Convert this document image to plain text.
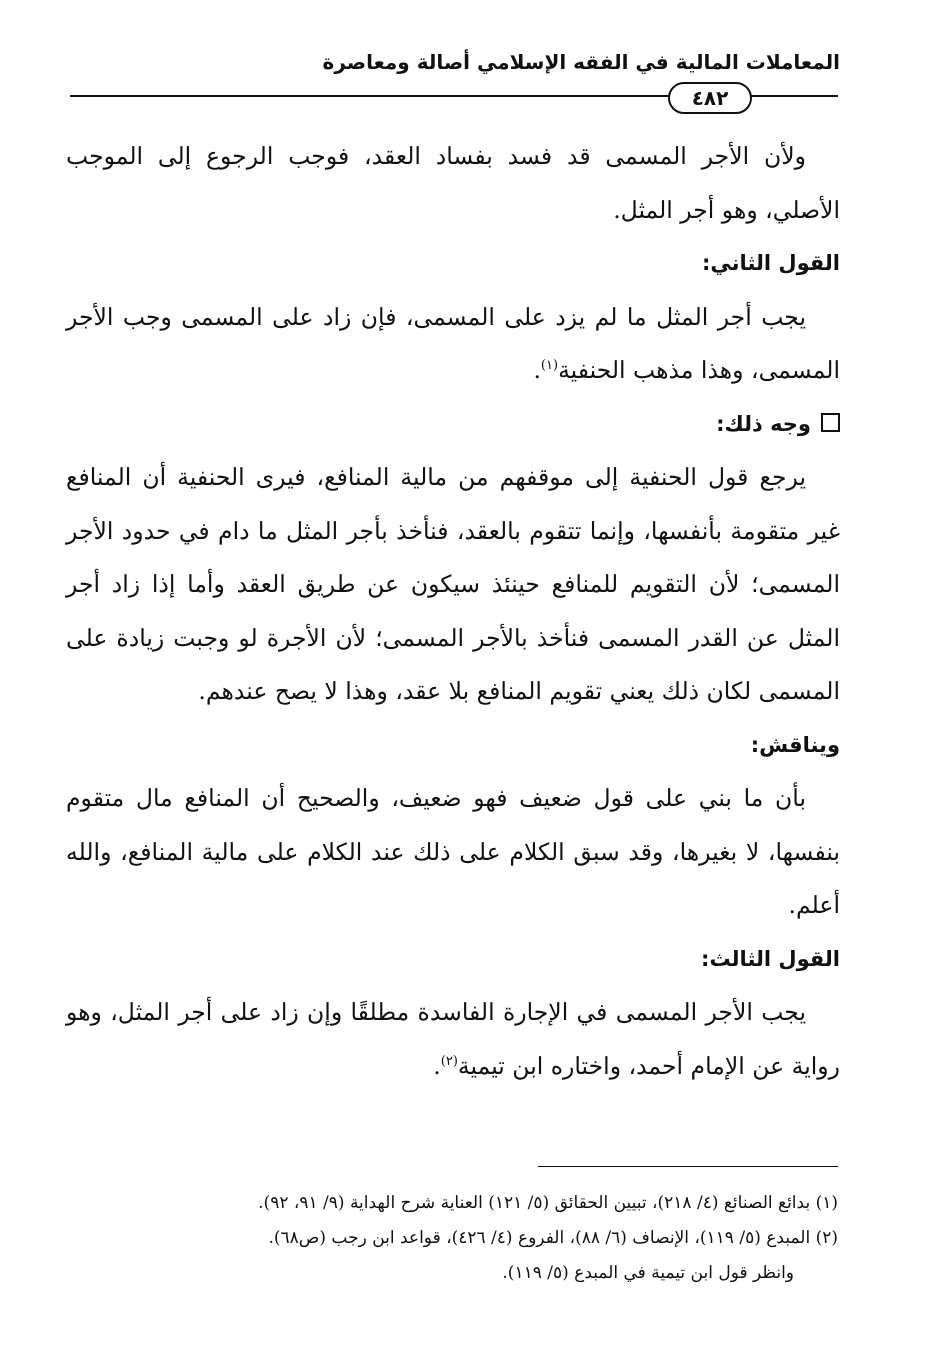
المعاملات المالية في الفقه الإسلامي أصالة ومعاصرة
٤٨٢

ولأن الأجر المسمى قد فسد بفساد العقد، فوجب الرجوع إلى الموجب الأصلي، وهو أجر المثل.

القول الثاني:

يجب أجر المثل ما لم يزد على المسمى، فإن زاد على المسمى وجب الأجر المسمى، وهذا مذهب الحنفية$^{(١)}$.

وجه ذلك:

يرجع قول الحنفية إلى موقفهم من مالية المنافع، فيرى الحنفية أن المنافع غير متقومة بأنفسها، وإنما تتقوم بالعقد، فنأخذ بأجر المثل ما دام في حدود الأجر المسمى؛ لأن التقويم للمنافع حينئذ سيكون عن طريق العقد وأما إذا زاد أجر المثل عن القدر المسمى فنأخذ بالأجر المسمى؛ لأن الأجرة لو وجبت زيادة على المسمى لكان ذلك يعني تقويم المنافع بلا عقد، وهذا لا يصح عندهم.

ويناقش:

بأن ما بني على قول ضعيف فهو ضعيف، والصحيح أن المنافع مال متقوم بنفسها، لا بغيرها، وقد سبق الكلام على ذلك عند الكلام على مالية المنافع، والله أعلم.

القول الثالث:

يجب الأجر المسمى في الإجارة الفاسدة مطلقًا وإن زاد على أجر المثل، وهو رواية عن الإمام أحمد، واختاره ابن تيمية$^{(٢)}$.

(١) بدائع الصنائع (٤/ ٢١٨)، تبيين الحقائق (٥/ ١٢١) العناية شرح الهداية (٩/ ٩١، ٩٢).

(٢) المبدع (٥/ ١١٩)، الإنصاف (٦/ ٨٨)، الفروع (٤/ ٤٢٦)، قواعد ابن رجب (ص٦٨).

وانظر قول ابن تيمية في المبدع (٥/ ١١٩).
